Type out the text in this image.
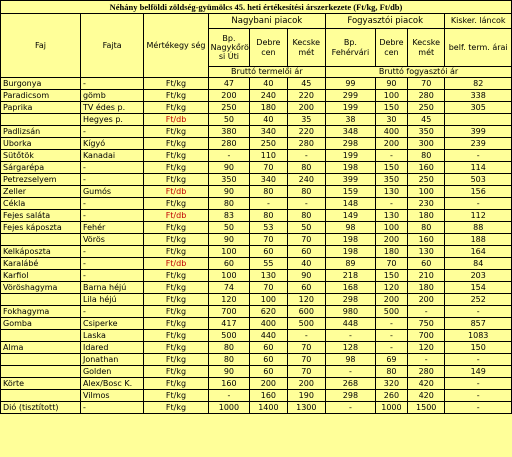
Néhány belföldi zöldség-gyümölcs 45. heti értékesítési árszerkezete (Ft/kg, Ft/db)									
Faj	Fajta	Mértékegy ség	Nagybani piacok			Fogyasztói piacok			Kisker. láncok
			Bp. Nagykőrö si Úti	Debre cen	Kecske mét	Bp. Fehérvári	Debre cen	Kecske mét	belf. term. árai
			Bruttó termelői ár			Bruttó fogyasztói ár			
Burgonya	-	Ft/kg	47	40	45	99	90	70	82
Paradicsom	gömb	Ft/kg	200	240	220	299	100	280	338
Paprika	TV édes p.	Ft/kg	250	180	200	199	150	250	305
	Hegyes p.	Ft/db	50	40	35	38	30	45	
Padlizsán	-	Ft/kg	380	340	220	348	400	350	399
Uborka	Kígyó	Ft/kg	280	250	280	298	200	300	239
Sütőtök	Kanadai	Ft/kg	-	110	-	199	-	80	-
Sárgarépa	-	Ft/kg	90	70	80	198	150	160	114
Petrezselyem	-	Ft/kg	350	340	240	399	350	250	503
Zeller	Gumós	Ft/db	90	80	80	159	130	100	156
Cékla	-	Ft/kg	80	-	-	148	-	230	-
Fejes saláta	-	Ft/db	83	80	80	149	130	180	112
Fejes káposzta	Fehér	Ft/kg	50	53	50	98	100	80	88
	Vörös	Ft/kg	90	70	70	198	200	160	188
Kelkáposzta	-	Ft/kg	100	60	60	198	180	130	164
Karalábé	-	Ft/db	60	55	40	89	70	60	84
Karfiol	-	Ft/kg	100	130	90	218	150	210	203
Vöröshagyma	Barna héjú	Ft/kg	74	70	60	168	120	180	154
	Lila héjú	Ft/kg	120	100	120	298	200	200	252
Fokhagyma	-	Ft/kg	700	620	600	980	500	-	-
Gomba	Csiperke	Ft/kg	417	400	500	448	-	750	857
	Laska	Ft/kg	500	440	-	-	-	700	1083
Alma	Idared	Ft/kg	80	60	70	128	-	120	150
	Jonathan	Ft/kg	80	60	70	98	69	-	-
	Golden	Ft/kg	90	60	70	-	80	280	149
Körte	Alex/Bosc K.	Ft/kg	160	200	200	268	320	420	-
	Vilmos	Ft/kg	-	160	190	298	260	420	-
Dió (tisztított)	-	Ft/kg	1000	1400	1300	-	1000	1500	-
